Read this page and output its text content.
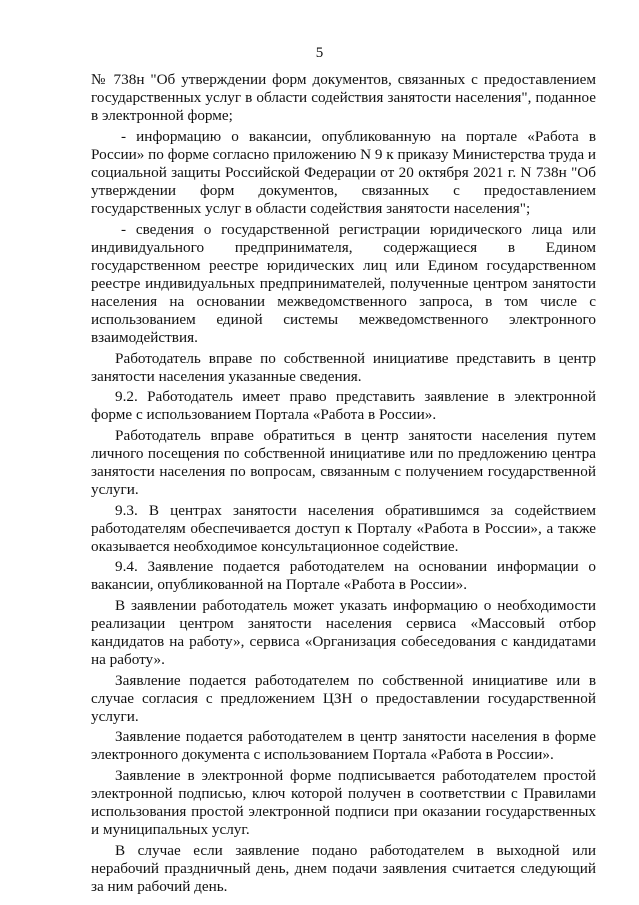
5

№ 738н "Об утверждении форм документов, связанных с предоставлением государственных услуг в области содействия занятости населения", поданное в электронной форме;

- информацию о вакансии, опубликованную на портале «Работа в России» по форме согласно приложению N 9 к приказу Министерства труда и социальной защиты Российской Федерации от 20 октября 2021 г. N 738н "Об утверждении форм документов, связанных с предоставлением государственных услуг в области содействия занятости населения";

- сведения о государственной регистрации юридического лица или индивидуального предпринимателя, содержащиеся в Едином государственном реестре юридических лиц или Едином государственном реестре индивидуальных предпринимателей, полученные центром занятости населения на основании межведомственного запроса, в том числе с использованием единой системы межведомственного электронного взаимодействия.

Работодатель вправе по собственной инициативе представить в центр занятости населения указанные сведения.

9.2. Работодатель имеет право представить заявление в электронной форме с использованием Портала «Работа в России».

Работодатель вправе обратиться в центр занятости населения путем личного посещения по собственной инициативе или по предложению центра занятости населения по вопросам, связанным с получением государственной услуги.

9.3. В центрах занятости населения обратившимся за содействием работодателям обеспечивается доступ к Порталу «Работа в России», а также оказывается необходимое консультационное содействие.

9.4. Заявление подается работодателем на основании информации о вакансии, опубликованной на Портале «Работа в России».

В заявлении работодатель может указать информацию о необходимости реализации центром занятости населения сервиса «Массовый отбор кандидатов на работу», сервиса «Организация собеседования с кандидатами на работу».

Заявление подается работодателем по собственной инициативе или в случае согласия с предложением ЦЗН о предоставлении государственной услуги.

Заявление подается работодателем в центр занятости населения в форме электронного документа с использованием Портала «Работа в России».

Заявление в электронной форме подписывается работодателем простой электронной подписью, ключ которой получен в соответствии с Правилами использования простой электронной подписи при оказании государственных и муниципальных услуг.

В случае если заявление подано работодателем в выходной или нерабочий праздничный день, днем подачи заявления считается следующий за ним рабочий день.
